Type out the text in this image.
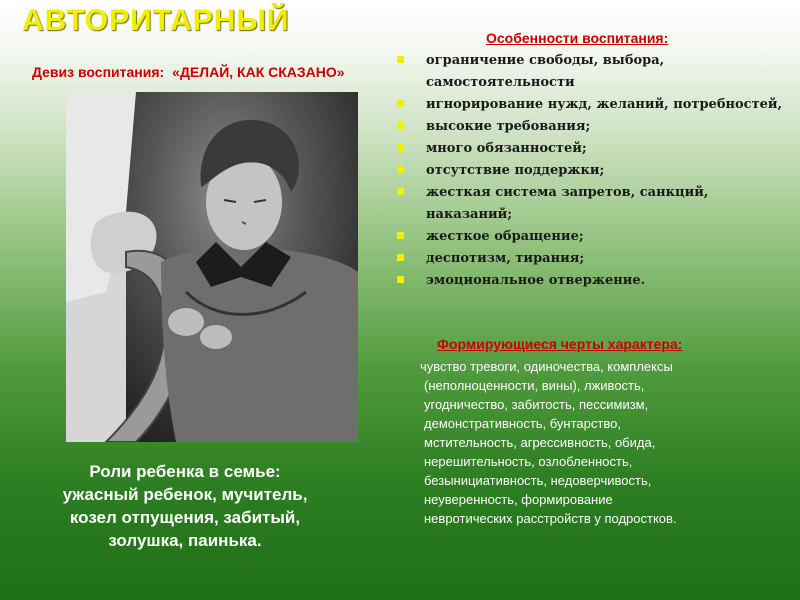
АВТОРИТАРНЫЙ
Девиз воспитания: «ДЕЛАЙ, КАК СКАЗАНО»
Роли ребенка в семье:
ужасный ребенок, мучитель,
козел отпущения, забитый,
золушка, паинька.
Особенности воспитания:
ограничение свободы, выбора, самостоятельности
игнорирование нужд, желаний, потребностей,
высокие требования;
много обязанностей;
отсутствие поддержки;
жесткая система запретов, санкций, наказаний;
жесткое обращение;
деспотизм, тирания;
эмоциональное отвержение.
Формирующиеся черты характера:
чувство тревоги, одиночества, комплексы
(неполноценности, вины), лживость,
угодничество, забитость, пессимизм,
демонстративность, бунтарство,
мстительность, агрессивность, обида,
нерешительность, озлобленность,
безынициативность, недоверчивость,
неуверенность, формирование
невротических расстройств у подростков.
